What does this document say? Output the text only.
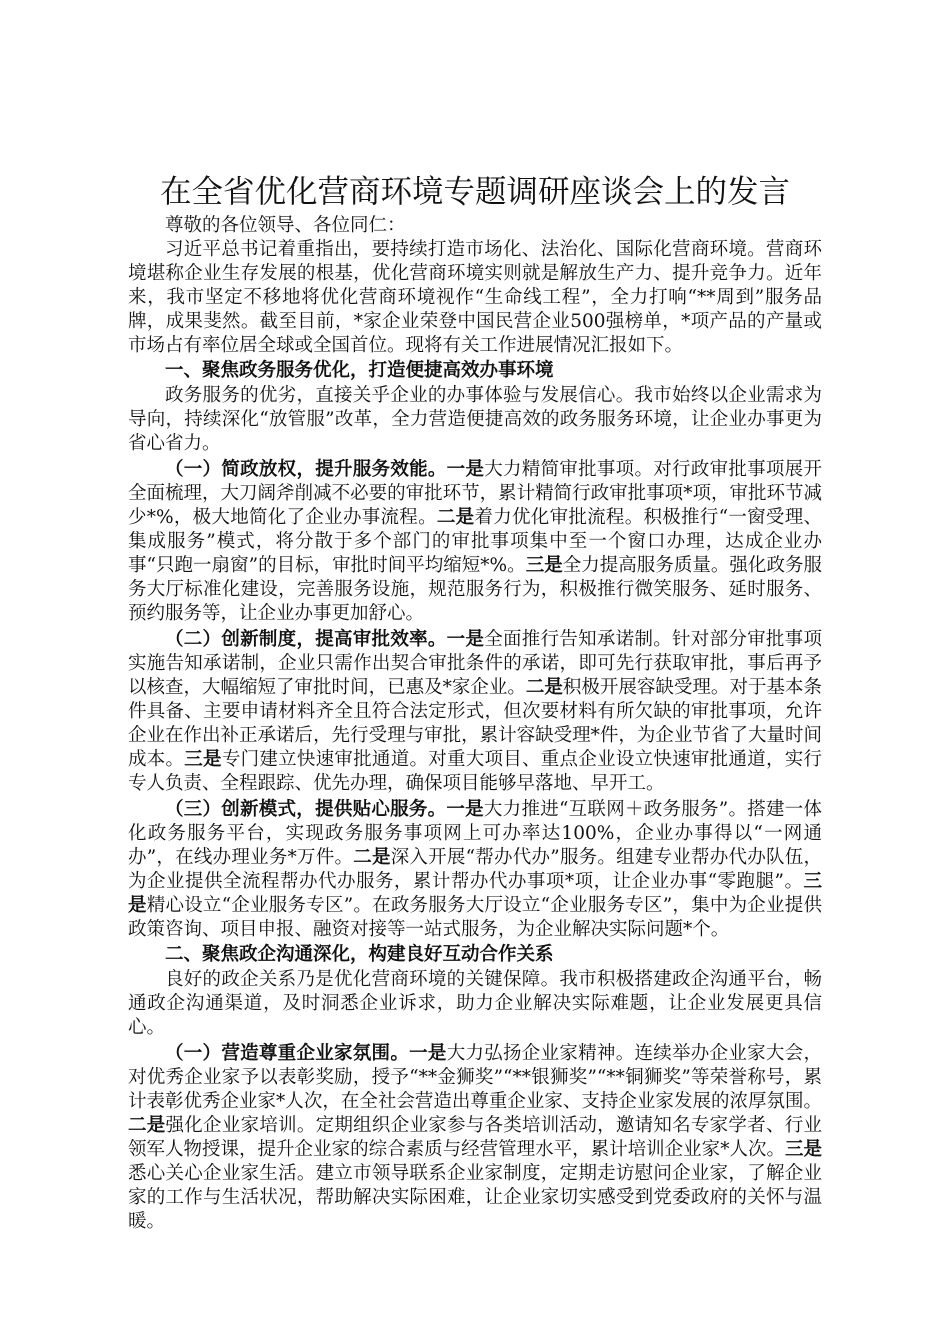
在全省优化营商环境专题调研座谈会上的发言

尊敬的各位领导、各位同仁：

习近平总书记着重指出，要持续打造市场化、法治化、国际化营商环境。营商环境堪称企业生存发展的根基，优化营商环境实则就是解放生产力、提升竞争力。近年来，我市坚定不移地将优化营商环境视作“生命线工程”，全力打响“**周到”服务品牌，成果斐然。截至目前，*家企业荣登中国民营企业500强榜单，*项产品的产量或市场占有率位居全球或全国首位。现将有关工作进展情况汇报如下。

一、聚焦政务服务优化，打造便捷高效办事环境

政务服务的优劣，直接关乎企业的办事体验与发展信心。我市始终以企业需求为导向，持续深化“放管服”改革，全力营造便捷高效的政务服务环境，让企业办事更为省心省力。

（一）简政放权，提升服务效能。一是大力精简审批事项。对行政审批事项展开全面梳理，大刀阔斧削减不必要的审批环节，累计精简行政审批事项*项，审批环节减少*%，极大地简化了企业办事流程。二是着力优化审批流程。积极推行“一窗受理、集成服务”模式，将分散于多个部门的审批事项集中至一个窗口办理，达成企业办事“只跑一扇窗”的目标，审批时间平均缩短*%。三是全力提高服务质量。强化政务服务大厅标准化建设，完善服务设施，规范服务行为，积极推行微笑服务、延时服务、预约服务等，让企业办事更加舒心。

（二）创新制度，提高审批效率。一是全面推行告知承诺制。针对部分审批事项实施告知承诺制，企业只需作出契合审批条件的承诺，即可先行获取审批，事后再予以核查，大幅缩短了审批时间，已惠及*家企业。二是积极开展容缺受理。对于基本条件具备、主要申请材料齐全且符合法定形式，但次要材料有所欠缺的审批事项，允许企业在作出补正承诺后，先行受理与审批，累计容缺受理*件，为企业节省了大量时间成本。三是专门建立快速审批通道。对重大项目、重点企业设立快速审批通道，实行专人负责、全程跟踪、优先办理，确保项目能够早落地、早开工。

（三）创新模式，提供贴心服务。一是大力推进“互联网＋政务服务”。搭建一体化政务服务平台，实现政务服务事项网上可办率达100%，企业办事得以“一网通办”，在线办理业务*万件。二是深入开展“帮办代办”服务。组建专业帮办代办队伍，为企业提供全流程帮办代办服务，累计帮办代办事项*项，让企业办事“零跑腿”。三是精心设立“企业服务专区”。在政务服务大厅设立“企业服务专区”，集中为企业提供政策咨询、项目申报、融资对接等一站式服务，为企业解决实际问题*个。

二、聚焦政企沟通深化，构建良好互动合作关系

良好的政企关系乃是优化营商环境的关键保障。我市积极搭建政企沟通平台，畅通政企沟通渠道，及时洞悉企业诉求，助力企业解决实际难题，让企业发展更具信心。

（一）营造尊重企业家氛围。一是大力弘扬企业家精神。连续举办企业家大会，对优秀企业家予以表彰奖励，授予“**金狮奖”“**银狮奖”“**铜狮奖”等荣誉称号，累计表彰优秀企业家*人次，在全社会营造出尊重企业家、支持企业家发展的浓厚氛围。二是强化企业家培训。定期组织企业家参与各类培训活动，邀请知名专家学者、行业领军人物授课，提升企业家的综合素质与经营管理水平，累计培训企业家*人次。三是悉心关心企业家生活。建立市领导联系企业家制度，定期走访慰问企业家，了解企业家的工作与生活状况，帮助解决实际困难，让企业家切实感受到党委政府的关怀与温暖。
